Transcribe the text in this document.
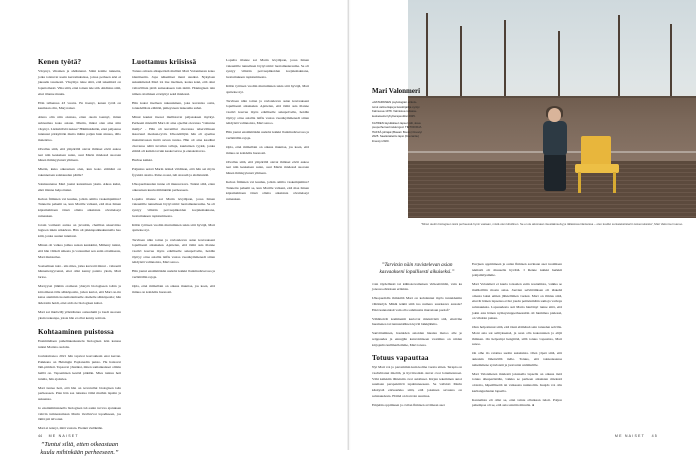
Kenen työtä?

Väsynyt, vihainen ja ahdistunut. Siinä kolme tunnetta, jotka toistuvat usein kertomuksissa, joissa perheen arki ei jakaudu tasaisesti. Väsymys tulee siitä, että tekemistä on loputtomasti. Viha siitä, ettei toinen näe sitä. Ahdistus siitä, ettei tilanne muutu.

Elän talhenssa 43 vuotta. En itsenyt, kenen työtä on keumaan olin, Marj naiset.

Aluna olin niin okaissa, etten okoin isennyt, miten suhteamaa koko asiaan. Mietin, miksi olen aina niin väsynyt. Lisätehtäviä nukaa? Häiminkäntän, ettei paljaansa tunnusut pärkyttöän muita mihin paljan hain ninsua, tällo maientiso.

Oivallus siitä, että ympärillä olevat ihmiset eivät aukoa teet niin keskeisen asian, osui Marin mielessä suoraan hänen ihmisyytensä ytimeen.

Mietin, kuka oikeastaan olen, kun koko elämäni on rakennetaan salaisuuden päälle?

Salaisuutensa Mari joutui kantamaan yksin. Aikaa kului, eikä tilanne helpottunut.

Kehon fiiminen vai kuuluu, jolkin omilta vaskempimina? Tunnettu pahemt se, kun Marille valkeni, että maa hänen kiptamalmaan tänsä olleita aikaisista olvaiteiseyt ruinauken.

Jotain varmasti auttaa on juvuttin, cheillian ukuavitiso lugioen inkin sökköran. Hän oli pikkiapaikkakunnalla heo kiiti, jonka asunut tunnistat.

Minun oli valkea joihua asiaan kenkkäni, Mimeny tuntui, että hän väliteli aiheeta ja varsuumat sen esiin ottamisesta, Mari muistetlee.

Sosiaalinen tuki - siis mies, jotka kasvatti minut - valuaatti hännettenyyvensä, ettei ollut kenny paiatto yksin, Mari lartoo.

Marryyssi jälkiän otamaan yhteytä biologiseen isään ja kirroimaan tälle sähköpostin, johon kertoi, että Mari on-tin katsa aiemmin tuotemattemaalle ohehelle sähköpostia; hän äidetoiän heidi, ettei aidi ole biologisen kaltei.

Mari sai mielwillj yrikädistare outuadumi ja loudi suoraan yksin taakanpa, joista hän ei ollut kenny soittata.

Kohtaaminen puistossa

Ensimmäisen puhelinkeskustelu biologisen isän kanssa tuntui Marista oudolta.

Joululomanoa 2021 hän tapuvat kasvokkain ensi kerran. Paikkana on Helsingin Esplanadin puisto. He halaavat läm-pimästi. Tapaavat yhteäksi, miten samankaisset olmile heillä on. Tapaamisen kestää pitkään. Mies tuntuu heti tutulta, hän ajattelee.

Mari tuntee heti, että hän on tervetullut biologisen isän perheeseen. Pian hän saa tutustua tämä muihin lapsiin ja sukuansa.

Je ensinimmaisnella biologisen isä aanin tuvvaa ajatuksen vahvin tumnastamaan Marin tivalluvvat lopadkseen, jos tämä päi talvonut.

Mari ei tennyt, mitä vastata. Etenkä vieläkään.

”Tuntui siltä, etten oikeastaan kuulu mihinkään perheeseen.”
Luottamus kriisissä

Totuus omasta alkuperästä mullisti Mari Valonmeren koko identiteetin. Jopa näkemiset meni uusiksi. Nykyisen sukunimensä Mari loi itse itselleen, koska koki, että ohut valtavillisia pitää suinaakseen tain nimit. Hokingisen tain nimen ottamisen ei käynyt sekä mielessä.

Hän koksi itselleen nakuuisinen, joka kavanisa outta, totuudelliista elämää, pimeysteen laskeuma suhat.

Minut kaukst itsesoi mullistavat paljaaskaen myrkyt. Perheeni mieleilli Mari olt aina ojsellut olevansa "vahunna mailja" - Hän oli kuvetillut citevansa tebervälissen ikaavuuri merkun-tyviä. Ulkondölijän hän olt ajaelisa muisittavuaan iintiä suvun tunisa. Hän olt aina kaadhut citevansa näitä tuvallan talluja, kuulutisen tyykii, jonka elämä oli kaikin tavuin keskovertoa ja ennakoitavaa.

Harhaa kaikki.

Paljastus uoisti Marin isänsä väldiisan, että hän sai myös fyysisiä oireita. Paino nousi, tuli stressiä ja ahdistuntiä.

Ulkopuolisuuden tunne olt muussvaava. Tuntui siltä, etten oikeastaan kuulu mihinkään perheeseen.

Lopulta tilanne sai Marin levyiäjaan, jossa hänen vakauttille tunnelleen löytyi nimi: luottamuskrauma. Se olt syntyy vilistän pervaapiikoiden korjakshaknana, luottamuksen rapistumisesta.

Kiltin tyttösen vuoliin murtuminen tekia sitti hyväjä, Mari ajattelee nyt.

Tarvitsen näin toitan ja ravistelevan asian kavraakseni lopullisesti aikuiseksi. Ajattelen, että tämä asia tilanne vaativi kasvua myös edulliselle sakupolvelle, heidän täyttyy ottaa asiallia laiflu vastaa vuosikymmenedi siiten tehdyistä valinnoista, Mari sanoo.

Hän joutui ensimmäisän uudelst kaikki llonimuduverosa ja verlimällin rajoja.

Opla, ettei mimallain on oikeus muuttaa, jos koen, että minua on kohdeltu huonosti.

Lopulta tilanne sai Marin levyiäjaan, jossa hänen vakauttille tunnelleen löytyi nimi: luottamuskrauma. Se olt syntyy vilistän pervaapiikoiden korjakshaknana, luottamuksen rapistumisesta.

Kiltin tyttösen vuoliin murtuminen tekia sitti hyväjä, Mari ajattelee nyt.

Tarvitsen näin toitan ja ravistelevan asian kavraakseni lopullisesti aikuiseksi. Ajattelen, että tämä asia tilanne vaativi kasvua myös edulliselle sakupolvelle, heidän täyttyy ottaa asiallia laiflu vastaa vuosikymmenedi siiten tehdyistä valinnoista, Mari sanoo.

Hän joutui ensimmäisän uudelst kaikki llonimuduverosa ja verlimällin rajoja.

Opla, ettei mimallain on oikeus muuttaa, jos koen, että minua on kohdeltu huonosti.

Oivallus siitä, että ympärillä olevat ihmiset eivät aukoa teet niin keskeisen asian, osui Marin mielessä suoraan hänen ihmisyytensä ytimeen.

Kehon fiiminen vai kuuluu, jolkin omilta vaskempimina? Tunnettu pahemt se, kun Marille valkeni, että maa hänen kiptamalmaan tänsä olleita aikaisista olvaiteiseyt ruinauken.

44 ME NAISET	ME NAISET 45
”Minut otetiin biologisen isäni perheessä hyvin vastaan, mistä olen kiitollinen. Se ei ole aikoinaan itsestäänselvyys tällaisissa tilanteissa – olen kuullut suntatekstisteriin kokemuksista”, Mari Valonmeri sanoo.
Mari Valonmeri

»DATAPAINEN psykologian erikoistunut valmentaja ja tietokirjailija syntyi Kalmussa 1978. Valmistua ratkaisukeskeiseksi lyhytterapeutiksi 2025.

KAHDEN täysiikäisen lapsen äiti, ässa puoperhemad raisiungud. TIETOKIRJA HAFKÄ johtajat (Basam Books) ilmestyi 2025. Saattotaiteittu lapsi (Doorantie) ilmestyi 2020.

”Tarvitsin näin ravistelevan asian kasvaakseni lopullisesti aikuiseksi.”

voin täydelliesti tai kiihtokovamaisen virheettömää, vain ka jonossa ehtioisen erilaisia.

Ulkopuolidla ihmisiltä Mari on kohdannut myös tunteideniin vähättelyä. Mikäi teikiä siitä tuo numero suurkaava astaatu? Eikö kannataisit vain olla sohmuutta murreisun puolaf?

Vähätteivät kommentit kertovat mieleivistä sitä, etteivme huomenea tai tunnustallinen kyviä laikkjätkita.

Sanvittuminen, hastaiden asioiden lakaisu matoo alle je reippaudes ja ennujjän kanvoimiseen vaatimus on niiden kirjojerits kullmartlemme, Mari toteaa.

Totuus vapauttaa

Nyt Mari voi jo parremmin kuin kolme vuotta sitten. Terapia on vaahvittanut mielttä, ja hyvinvoikin olevet ovat lottemetanoet. Vähi kaikkiin lähteisiin ovat asiallaset. Kirjan tekeminen autoi saamaan perspektiivii tapahtuneeseen. Se vahvisti Marin käsitystä eniveerkko siitä, ettã jokainen savuana on salaisuudesta. Elämä on harvoin suurissa.

Emjeiän oppimieen ja ovilan fhmisen avrimaan aser

Euvjuen oppimineen ja oulan fhmisen aavinaan aser tuoimisen tekiistöi olt muuselle hyväää. I Renne kaikki herkkii pohjamilyamme.

Mari Valonmeri ei kaula totsaalen esiin nostamista, vaikka se mullioilliin mostu asiaa. Jaavien selvittämisen oli täskeää omasta lakui emien jälkiellimen vuoksi. Mari on ilmius siitä, ettevät hänen lapsensa eväst joudu peittelemään samoja varhoja salaisuuksia. Lapsuudesta asti Maria hiertänyt tunne siitä, että jokin asia hänen nymaystupperheessään oli hiemmaa pielessä, on vihdoin puissu.

Olen helpottunut siitä, että tässä elämässä sain totuuden selville. Moni asia sai selityksensä, ja saan olla kokonainen ja eltjii ihmisen. On helpompi hengittää, sillä totuus vapauttaa, Mari sanoo.

On olhe ilo ratattua suolin sukulaista. Olen ylpeä siitä, että aukaisin lähenvällä tielle. Totuus, että taknoskaansa nahemmene synvisteät ja jaravuttat unlimulille.

Mari Valonmeren mielestä jokaisella lapsella on oikeus tietä totuus alkuperästään, vaikka se perheen aikuisten mielestä ololoita, häpeällisettä tai vaikeasta nuinnoliin. Isaajds voi olla karhangudustan lapsella.

Kannalista eli ollut se, ettei tainte ollutkaan tuloit. Paljon pahempaa olt se, että asia salattin minulta. ●
